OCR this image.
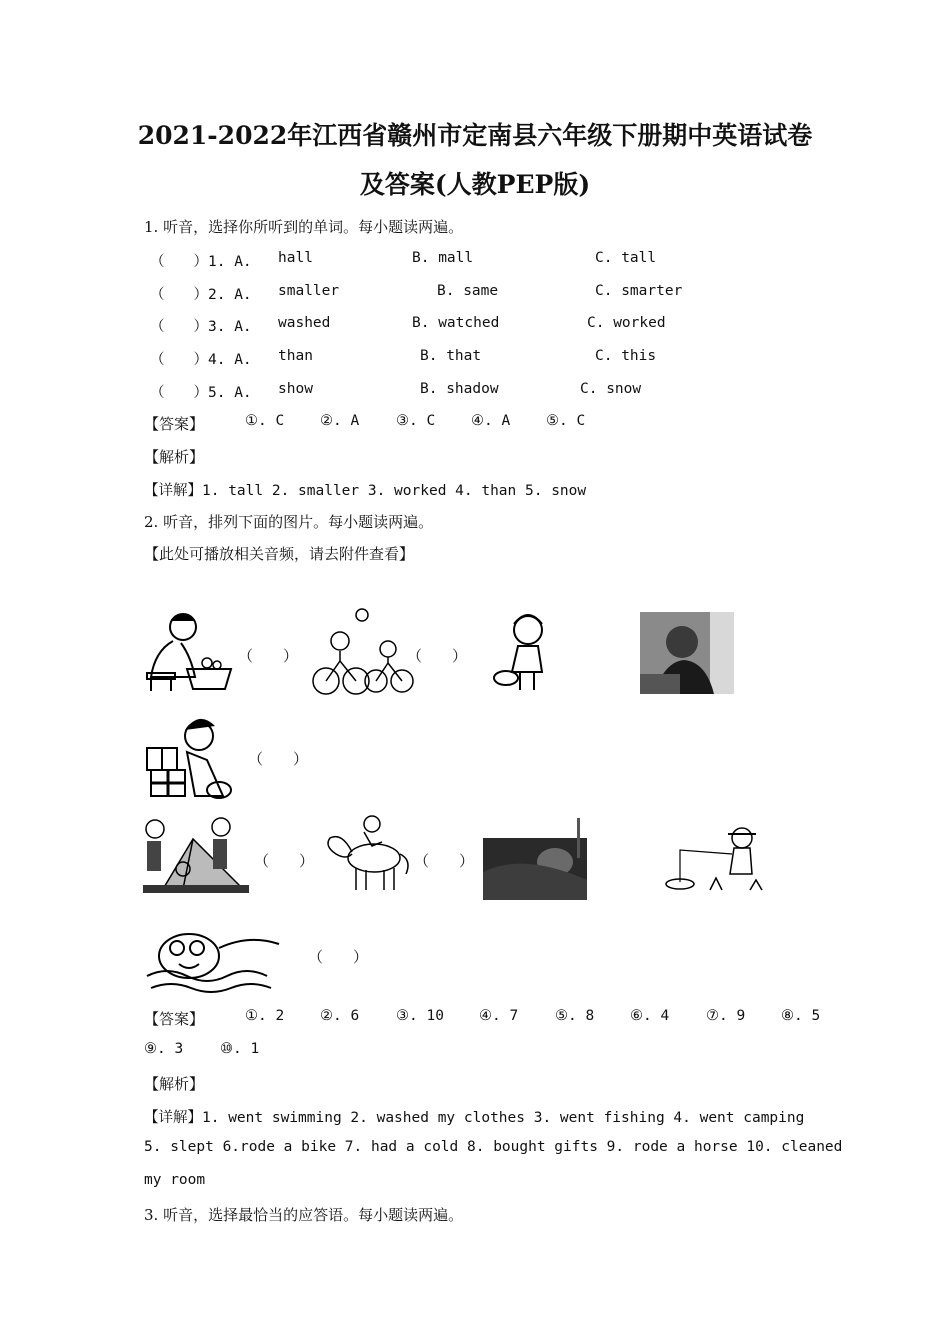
2021-2022年江西省赣州市定南县六年级下册期中英语试卷
及答案(人教PEP版)
1. 听音，选择你所听到的单词。每小题读两遍。
（　　）1. A. hall	B. mall	C. tall
（　　）2. A. smaller	B. same	C. smarter
（　　）3. A. washed	B. watched	C. worked
（　　）4. A. than	B. that	C. this
（　　）5. A. show	B. shadow	C. snow
【答案】	①. C ②. A	③. C ④. A ⑤. C
【解析】
【详解】1. tall 2. smaller 3. worked 4. than 5. snow
2. 听音，排列下面的图片。每小题读两遍。
【此处可播放相关音频，请去附件查看】
（　　）	（　　）
（　　）
（　　）	（　　）
（　　）
【答案】	①. 2 ②. 6	③. 10 ④. 7	⑤. 8 ⑥. 4	⑦. 9 ⑧. 5
⑨. 3	⑩. 1
【解析】
【详解】1. went swimming 2. washed my clothes 3. went fishing 4. went camping
5. slept 6.rode a bike 7. had a cold 8. bought gifts 9. rode a horse 10. cleaned
my room
3. 听音，选择最恰当的应答语。每小题读两遍。
